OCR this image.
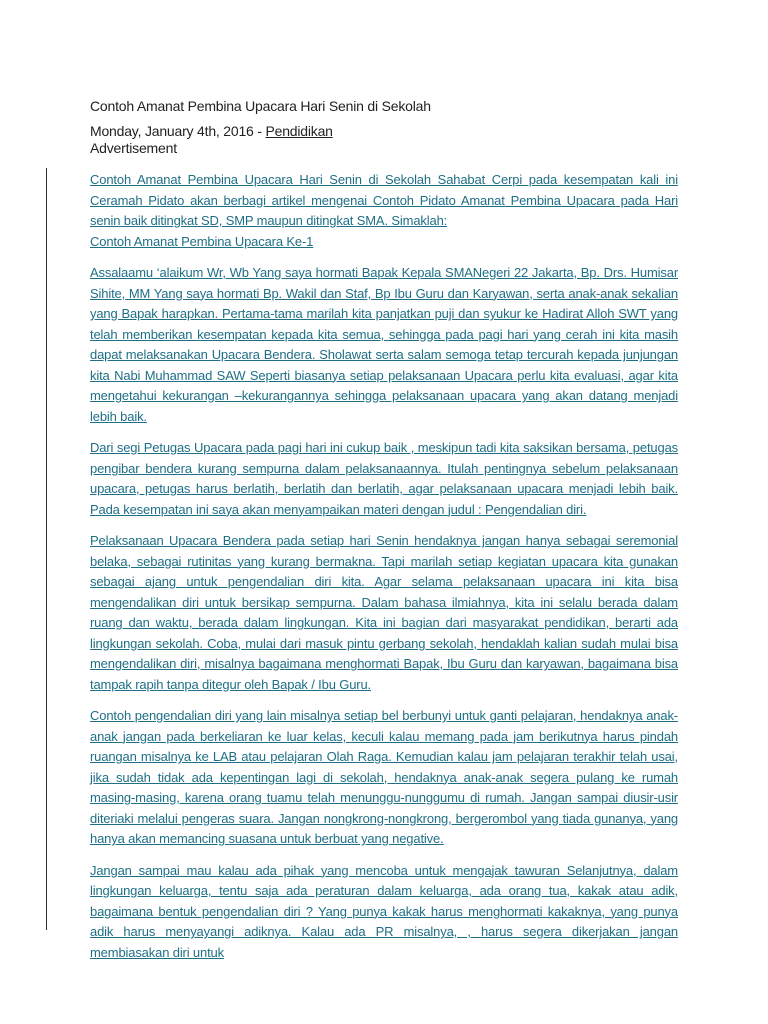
Contoh Amanat Pembina Upacara Hari Senin di Sekolah

Monday, January 4th, 2016 - Pendidikan

Advertisement

Contoh Amanat Pembina Upacara Hari Senin di Sekolah Sahabat Cerpi pada kesempatan kali ini Ceramah Pidato akan berbagi artikel mengenai Contoh Pidato Amanat Pembina Upacara pada Hari senin baik ditingkat SD, SMP maupun ditingkat SMA. Simaklah:
Contoh Amanat Pembina Upacara Ke-1

Assalaamu ‘alaikum Wr, Wb Yang saya hormati Bapak Kepala SMANegeri 22 Jakarta, Bp. Drs. Humisar Sihite, MM Yang saya hormati Bp. Wakil dan Staf, Bp Ibu Guru dan Karyawan, serta anak-anak sekalian yang Bapak harapkan. Pertama-tama marilah kita panjatkan puji dan syukur ke Hadirat Alloh SWT yang telah memberikan kesempatan kepada kita semua, sehingga pada pagi hari yang cerah ini kita masih dapat melaksanakan Upacara Bendera. Sholawat serta salam semoga tetap tercurah kepada junjungan kita Nabi Muhammad SAW Seperti biasanya setiap pelaksanaan Upacara perlu kita evaluasi, agar kita mengetahui kekurangan –kekurangannya sehingga pelaksanaan upacara yang akan datang menjadi lebih baik.

Dari segi Petugas Upacara pada pagi hari ini cukup baik , meskipun tadi kita saksikan bersama, petugas pengibar bendera kurang sempurna dalam pelaksanaannya. Itulah pentingnya sebelum pelaksanaan upacara, petugas harus berlatih, berlatih dan berlatih, agar pelaksanaan upacara menjadi lebih baik. Pada kesempatan ini saya akan menyampaikan materi dengan judul : Pengendalian diri.

Pelaksanaan Upacara Bendera pada setiap hari Senin hendaknya jangan hanya sebagai seremonial belaka, sebagai rutinitas yang kurang bermakna. Tapi marilah setiap kegiatan upacara kita gunakan sebagai ajang untuk pengendalian diri kita. Agar selama pelaksanaan upacara ini kita bisa mengendalikan diri untuk bersikap sempurna. Dalam bahasa ilmiahnya, kita ini selalu berada dalam ruang dan waktu, berada dalam lingkungan. Kita ini bagian dari masyarakat pendidikan, berarti ada lingkungan sekolah. Coba, mulai dari masuk pintu gerbang sekolah, hendaklah kalian sudah mulai bisa mengendalikan diri, misalnya bagaimana menghormati Bapak, Ibu Guru dan karyawan, bagaimana bisa tampak rapih tanpa ditegur oleh Bapak / Ibu Guru.

Contoh pengendalian diri yang lain misalnya setiap bel berbunyi untuk ganti pelajaran, hendaknya anak-anak jangan pada berkeliaran ke luar kelas, keculi kalau memang pada jam berikutnya harus pindah ruangan misalnya ke LAB atau pelajaran Olah Raga. Kemudian kalau jam pelajaran terakhir telah usai, jika sudah tidak ada kepentingan lagi di sekolah, hendaknya anak-anak segera pulang ke rumah masing-masing, karena orang tuamu telah menunggu-nunggumu di rumah. Jangan sampai diusir-usir diteriaki melalui pengeras suara. Jangan nongkrong-nongkrong, bergerombol yang tiada gunanya, yang hanya akan memancing suasana untuk berbuat yang negative.

Jangan sampai mau kalau ada pihak yang mencoba untuk mengajak tawuran Selanjutnya, dalam lingkungan keluarga, tentu saja ada peraturan dalam keluarga, ada orang tua, kakak atau adik, bagaimana bentuk pengendalian diri ? Yang punya kakak harus menghormati kakaknya, yang punya adik harus menyayangi adiknya. Kalau ada PR misalnya, , harus segera dikerjakan jangan membiasakan diri untuk
